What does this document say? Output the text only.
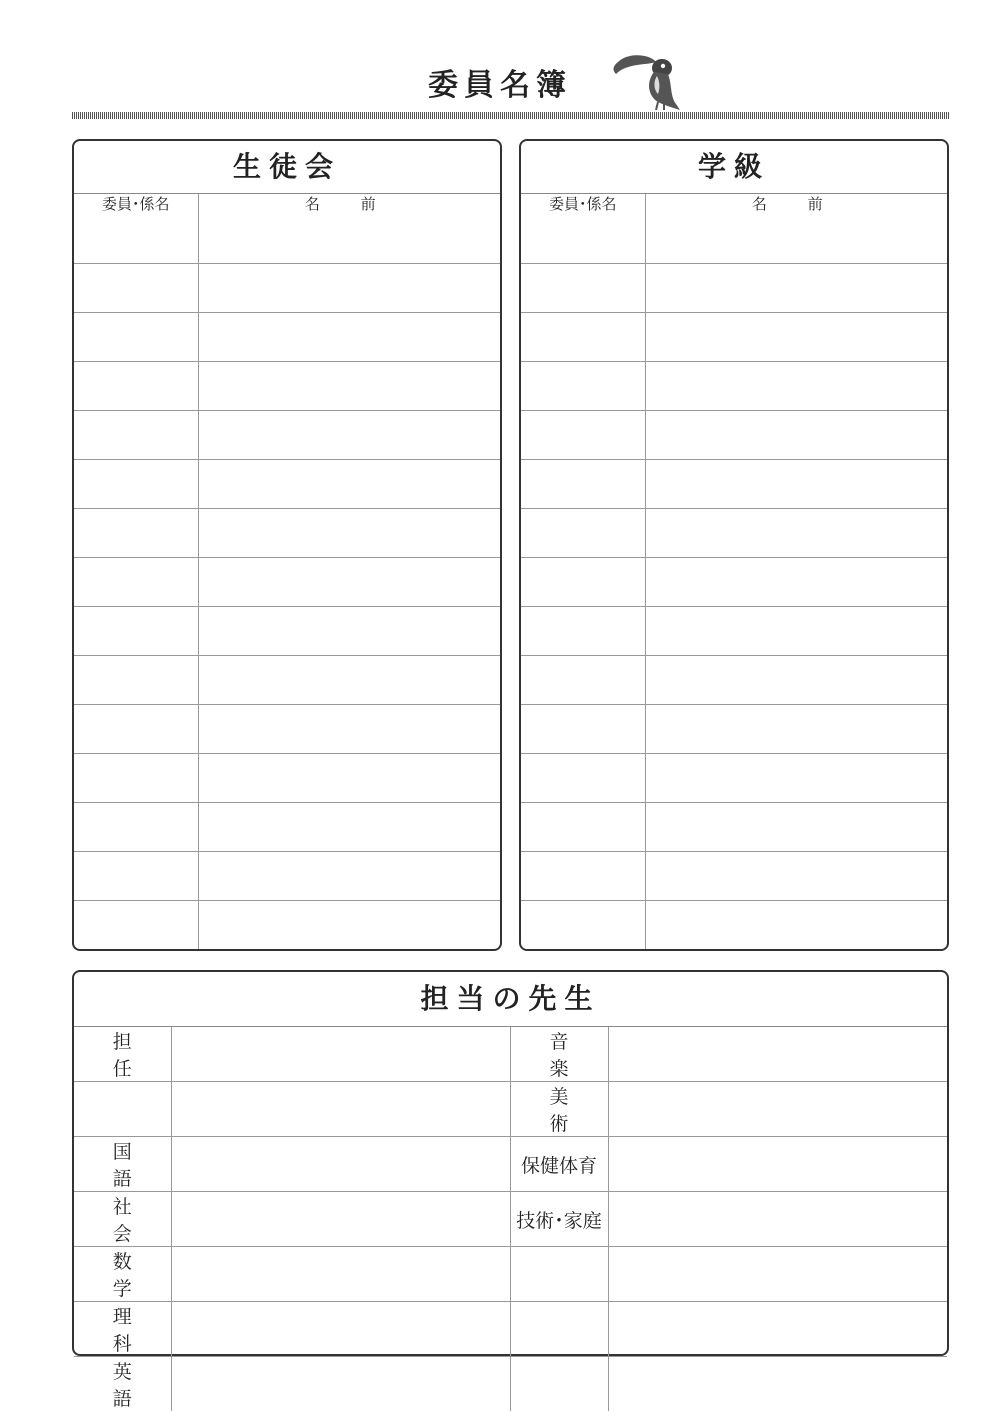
委員名簿
生徒会
委員･係名	名 前

学級
委員･係名	名 前

担当の先生
担 任		音 楽	
		美 術	
国 語		保健体育	
社 会		技術･家庭	
数 学			
理 科			
英 語			
